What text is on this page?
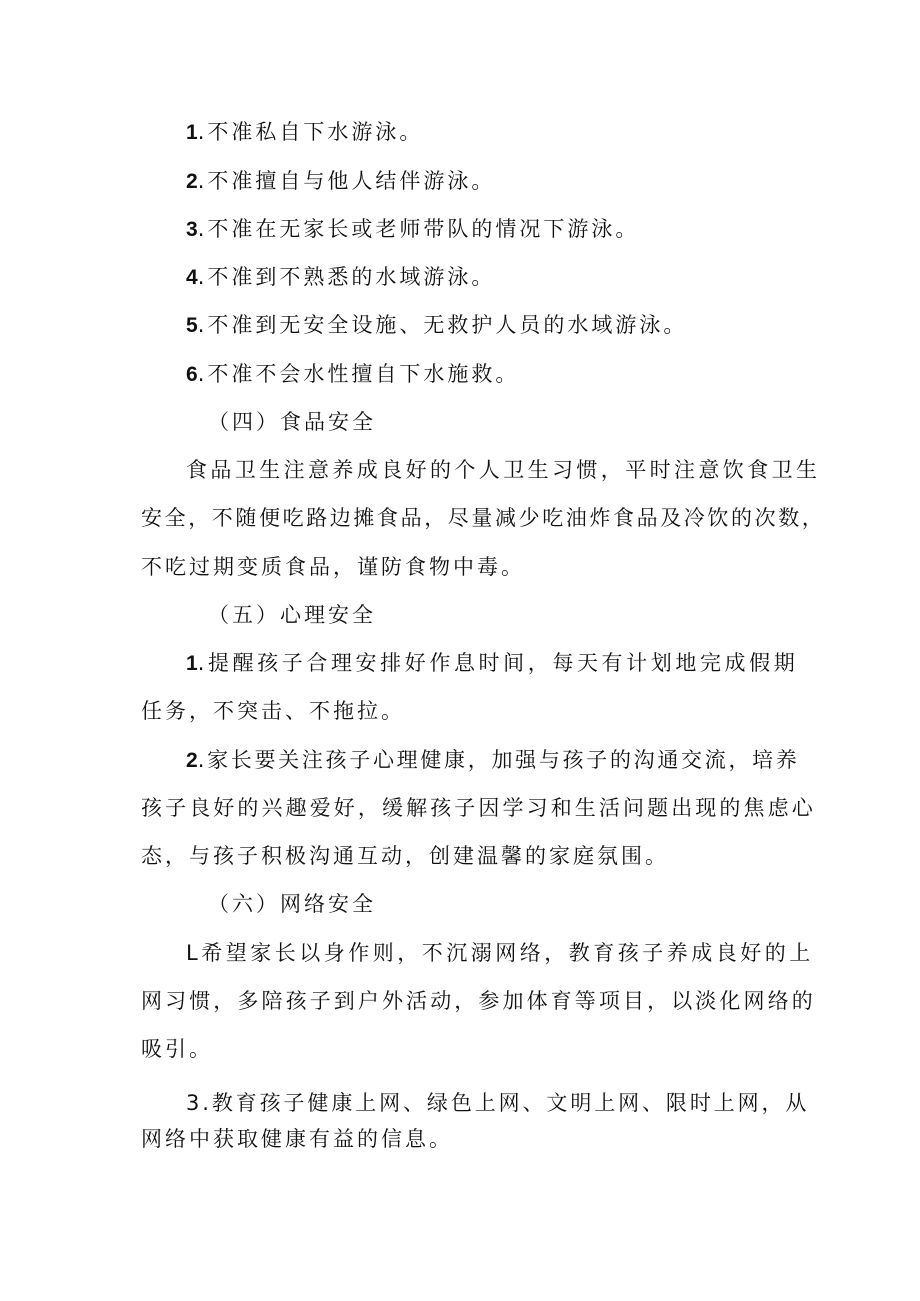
1.不准私自下水游泳。
2.不准擅自与他人结伴游泳。
3.不准在无家长或老师带队的情况下游泳。
4.不准到不熟悉的水域游泳。
5.不准到无安全设施、无救护人员的水域游泳。
6.不准不会水性擅自下水施救。
（四）食品安全
食品卫生注意养成良好的个人卫生习惯，平时注意饮食卫生
安全，不随便吃路边摊食品，尽量减少吃油炸食品及冷饮的次数，
不吃过期变质食品，谨防食物中毒。
（五）心理安全
1.提醒孩子合理安排好作息时间，每天有计划地完成假期
任务，不突击、不拖拉。
2.家长要关注孩子心理健康，加强与孩子的沟通交流，培养
孩子良好的兴趣爱好，缓解孩子因学习和生活问题出现的焦虑心
态，与孩子积极沟通互动，创建温馨的家庭氛围。
（六）网络安全
L希望家长以身作则，不沉溺网络，教育孩子养成良好的上
网习惯，多陪孩子到户外活动，参加体育等项目，以淡化网络的
吸引。
3.教育孩子健康上网、绿色上网、文明上网、限时上网，从
网络中获取健康有益的信息。
